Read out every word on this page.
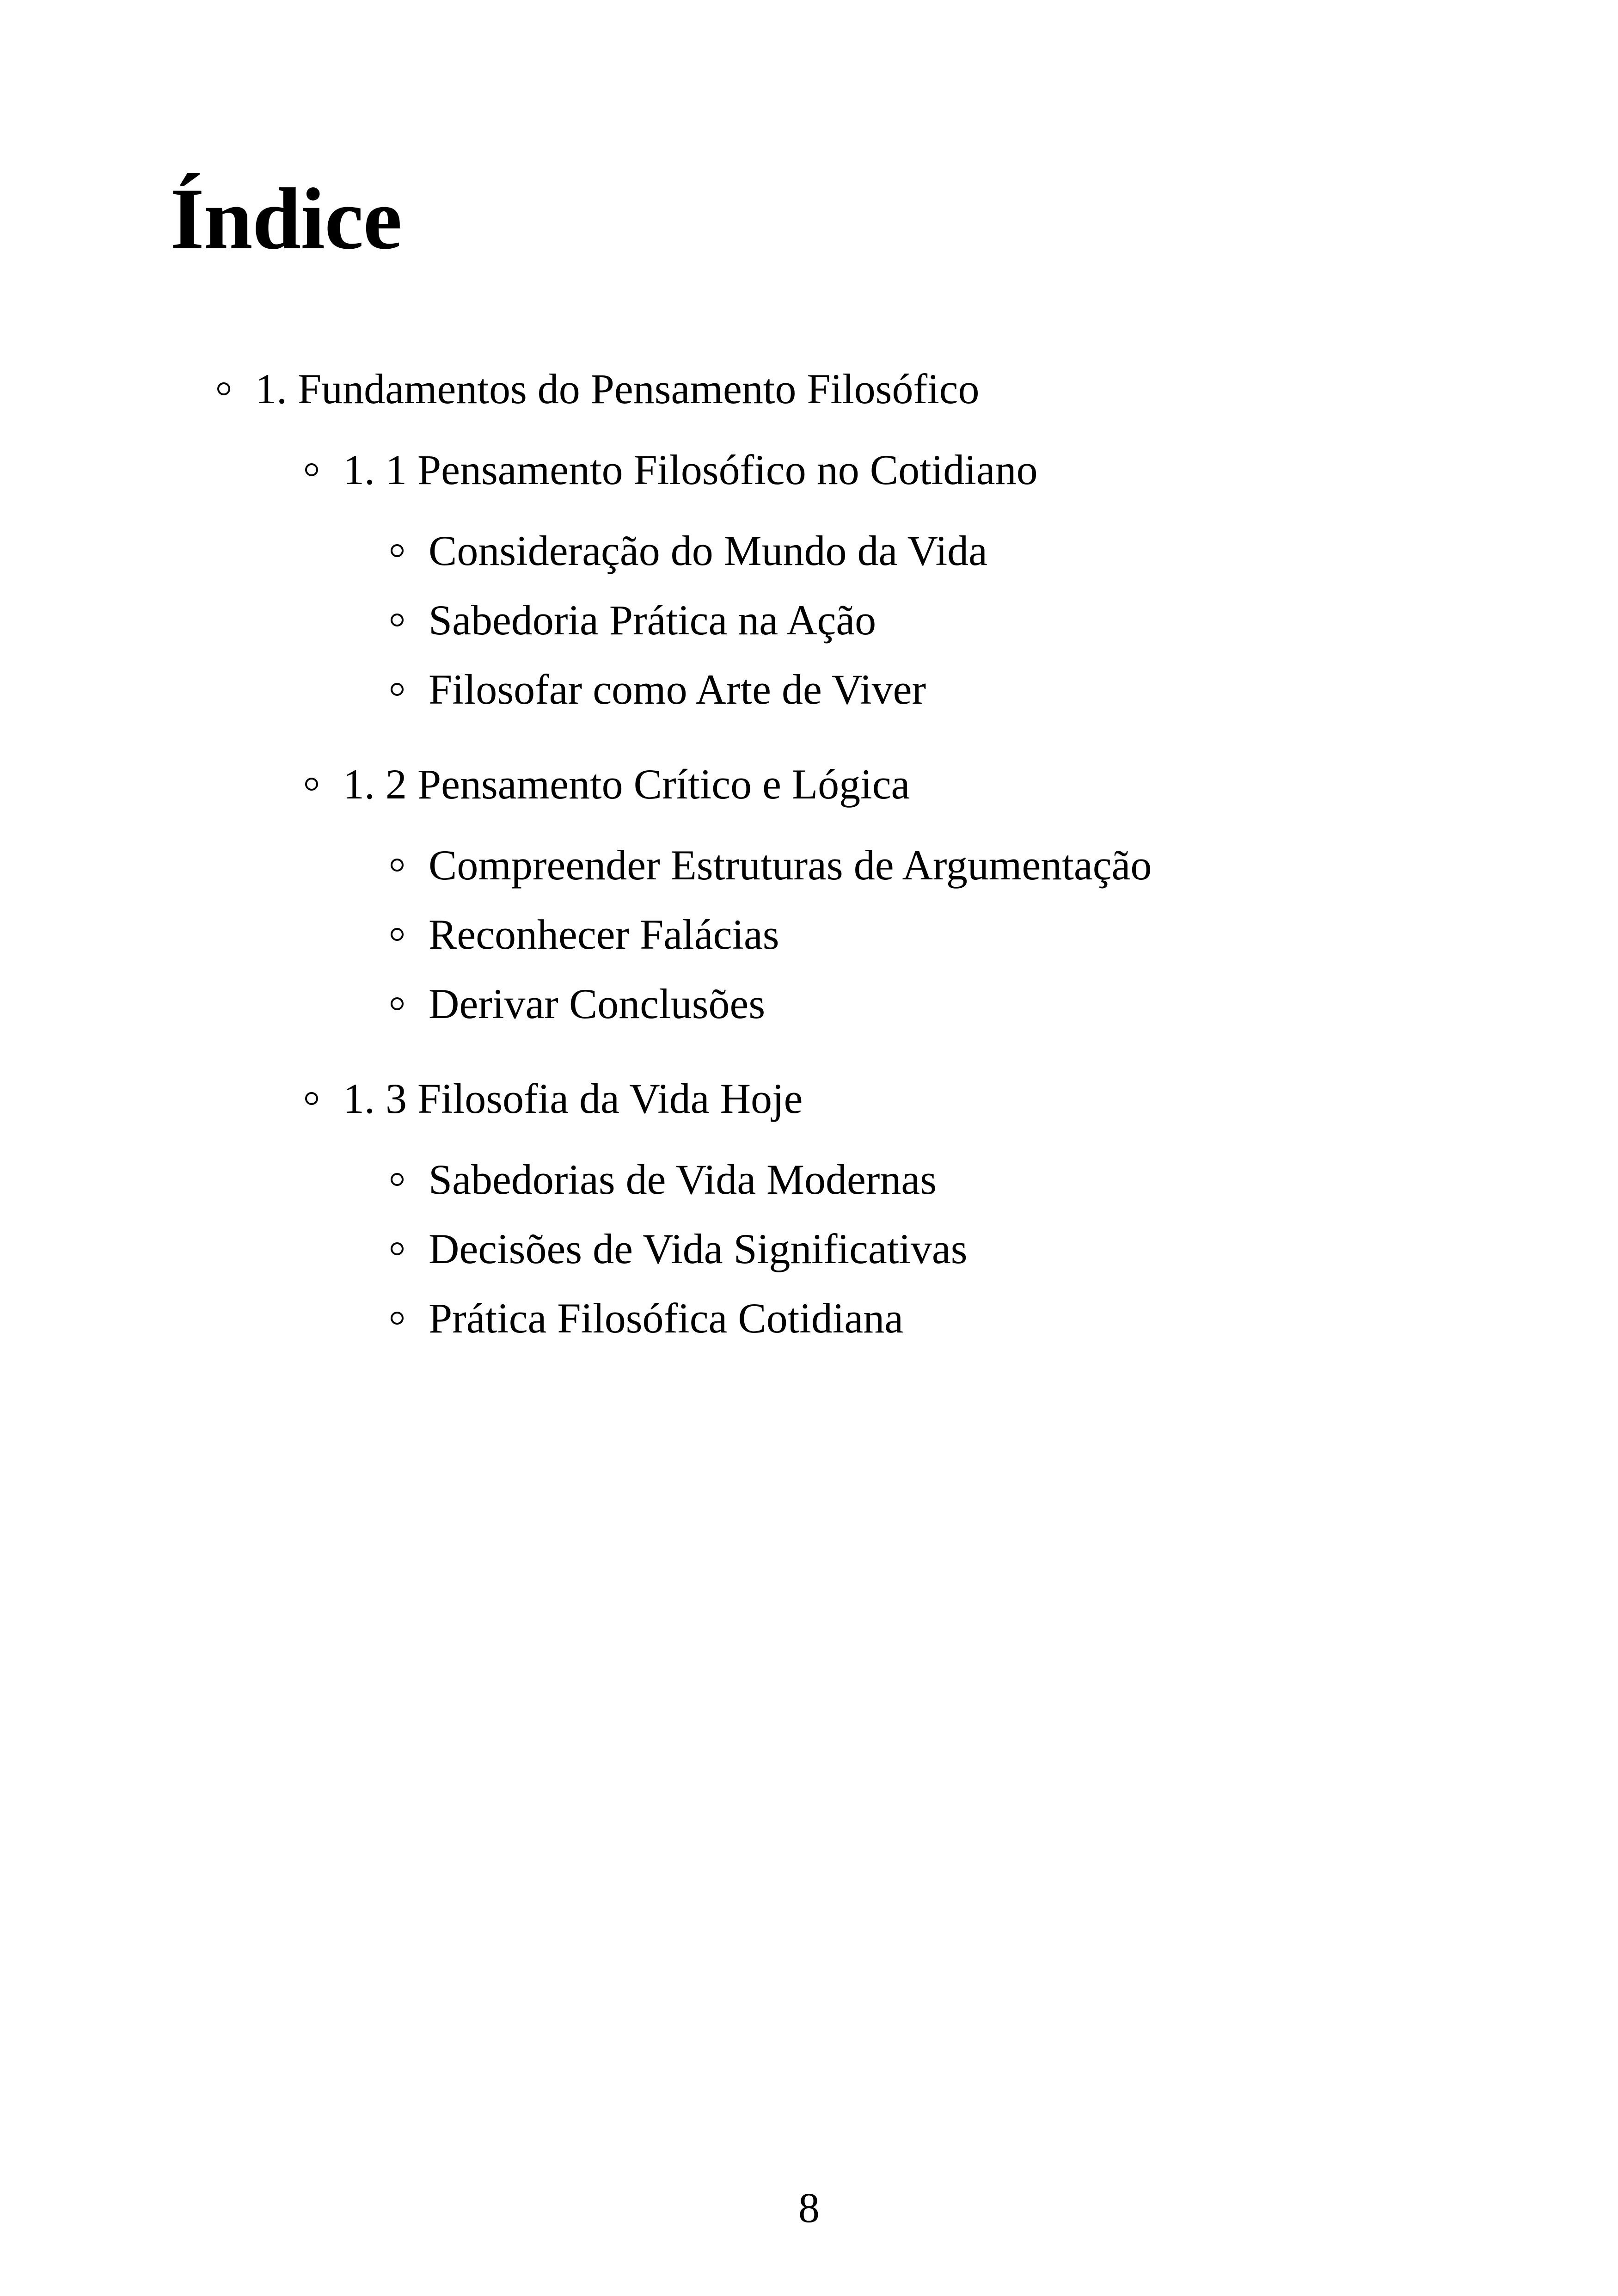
Índice
1. Fundamentos do Pensamento Filosófico
1. 1 Pensamento Filosófico no Cotidiano
Consideração do Mundo da Vida
Sabedoria Prática na Ação
Filosofar como Arte de Viver
1. 2 Pensamento Crítico e Lógica
Compreender Estruturas de Argumentação
Reconhecer Falácias
Derivar Conclusões
1. 3 Filosofia da Vida Hoje
Sabedorias de Vida Modernas
Decisões de Vida Significativas
Prática Filosófica Cotidiana
8
